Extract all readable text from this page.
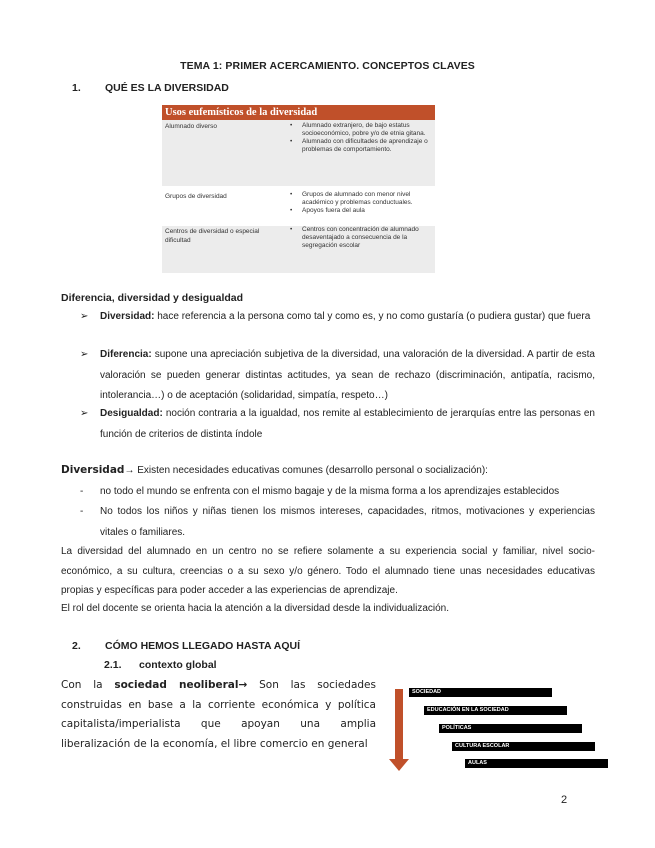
TEMA 1: PRIMER ACERCAMIENTO. CONCEPTOS CLAVES
1. QUÉ ES LA DIVERSIDAD
Usos eufemísticos de la diversidad
Alumnado diverso	• Alumnado extranjero, de bajo estatus socioeconómico, pobre y/o de etnia gitana.
• Alumnado con dificultades de aprendizaje o problemas de comportamiento.
Grupos de diversidad	• Grupos de alumnado con menor nivel académico y problemas conductuales.
• Apoyos fuera del aula
Centros de diversidad o especial dificultad
• Centros con concentración de alumnado desaventajado a consecuencia de la segregación escolar
Diferencia, diversidad y desigualdad
➢ Diversidad: hace referencia a la persona como tal y como es, y no como gustaría (o pudiera gustar) que fuera
➢ Diferencia: supone una apreciación subjetiva de la diversidad, una valoración de la diversidad. A partir de esta valoración se pueden generar distintas actitudes, ya sean de rechazo (discriminación, antipatía, racismo, intolerancia…) o de aceptación (solidaridad, simpatía, respeto…)
➢ Desigualdad: noción contraria a la igualdad, nos remite al establecimiento de jerarquías entre las personas en función de criterios de distinta índole
Diversidad→ Existen necesidades educativas comunes (desarrollo personal o socialización):
- no todo el mundo se enfrenta con el mismo bagaje y de la misma forma a los aprendizajes establecidos
- No todos los niños y niñas tienen los mismos intereses, capacidades, ritmos, motivaciones y experiencias vitales o familiares.
La diversidad del alumnado en un centro no se refiere solamente a su experiencia social y familiar, nivel socio-económico, a su cultura, creencias o a su sexo y/o género. Todo el alumnado tiene unas necesidades educativas propias y específicas para poder acceder a las experiencias de aprendizaje.
El rol del docente se orienta hacia la atención a la diversidad desde la individualización.
2. CÓMO HEMOS LLEGADO HASTA AQUÍ
2.1. contexto global
Con la sociedad neoliberal→ Son las sociedades construidas en base a la corriente económica y política capitalista/imperialista que apoyan una amplia liberalización de la economía, el libre comercio en general
SOCIEDAD
EDUCACIÓN EN LA SOCIEDAD
POLÍTICAS
CULTURA ESCOLAR
AULAS
2
